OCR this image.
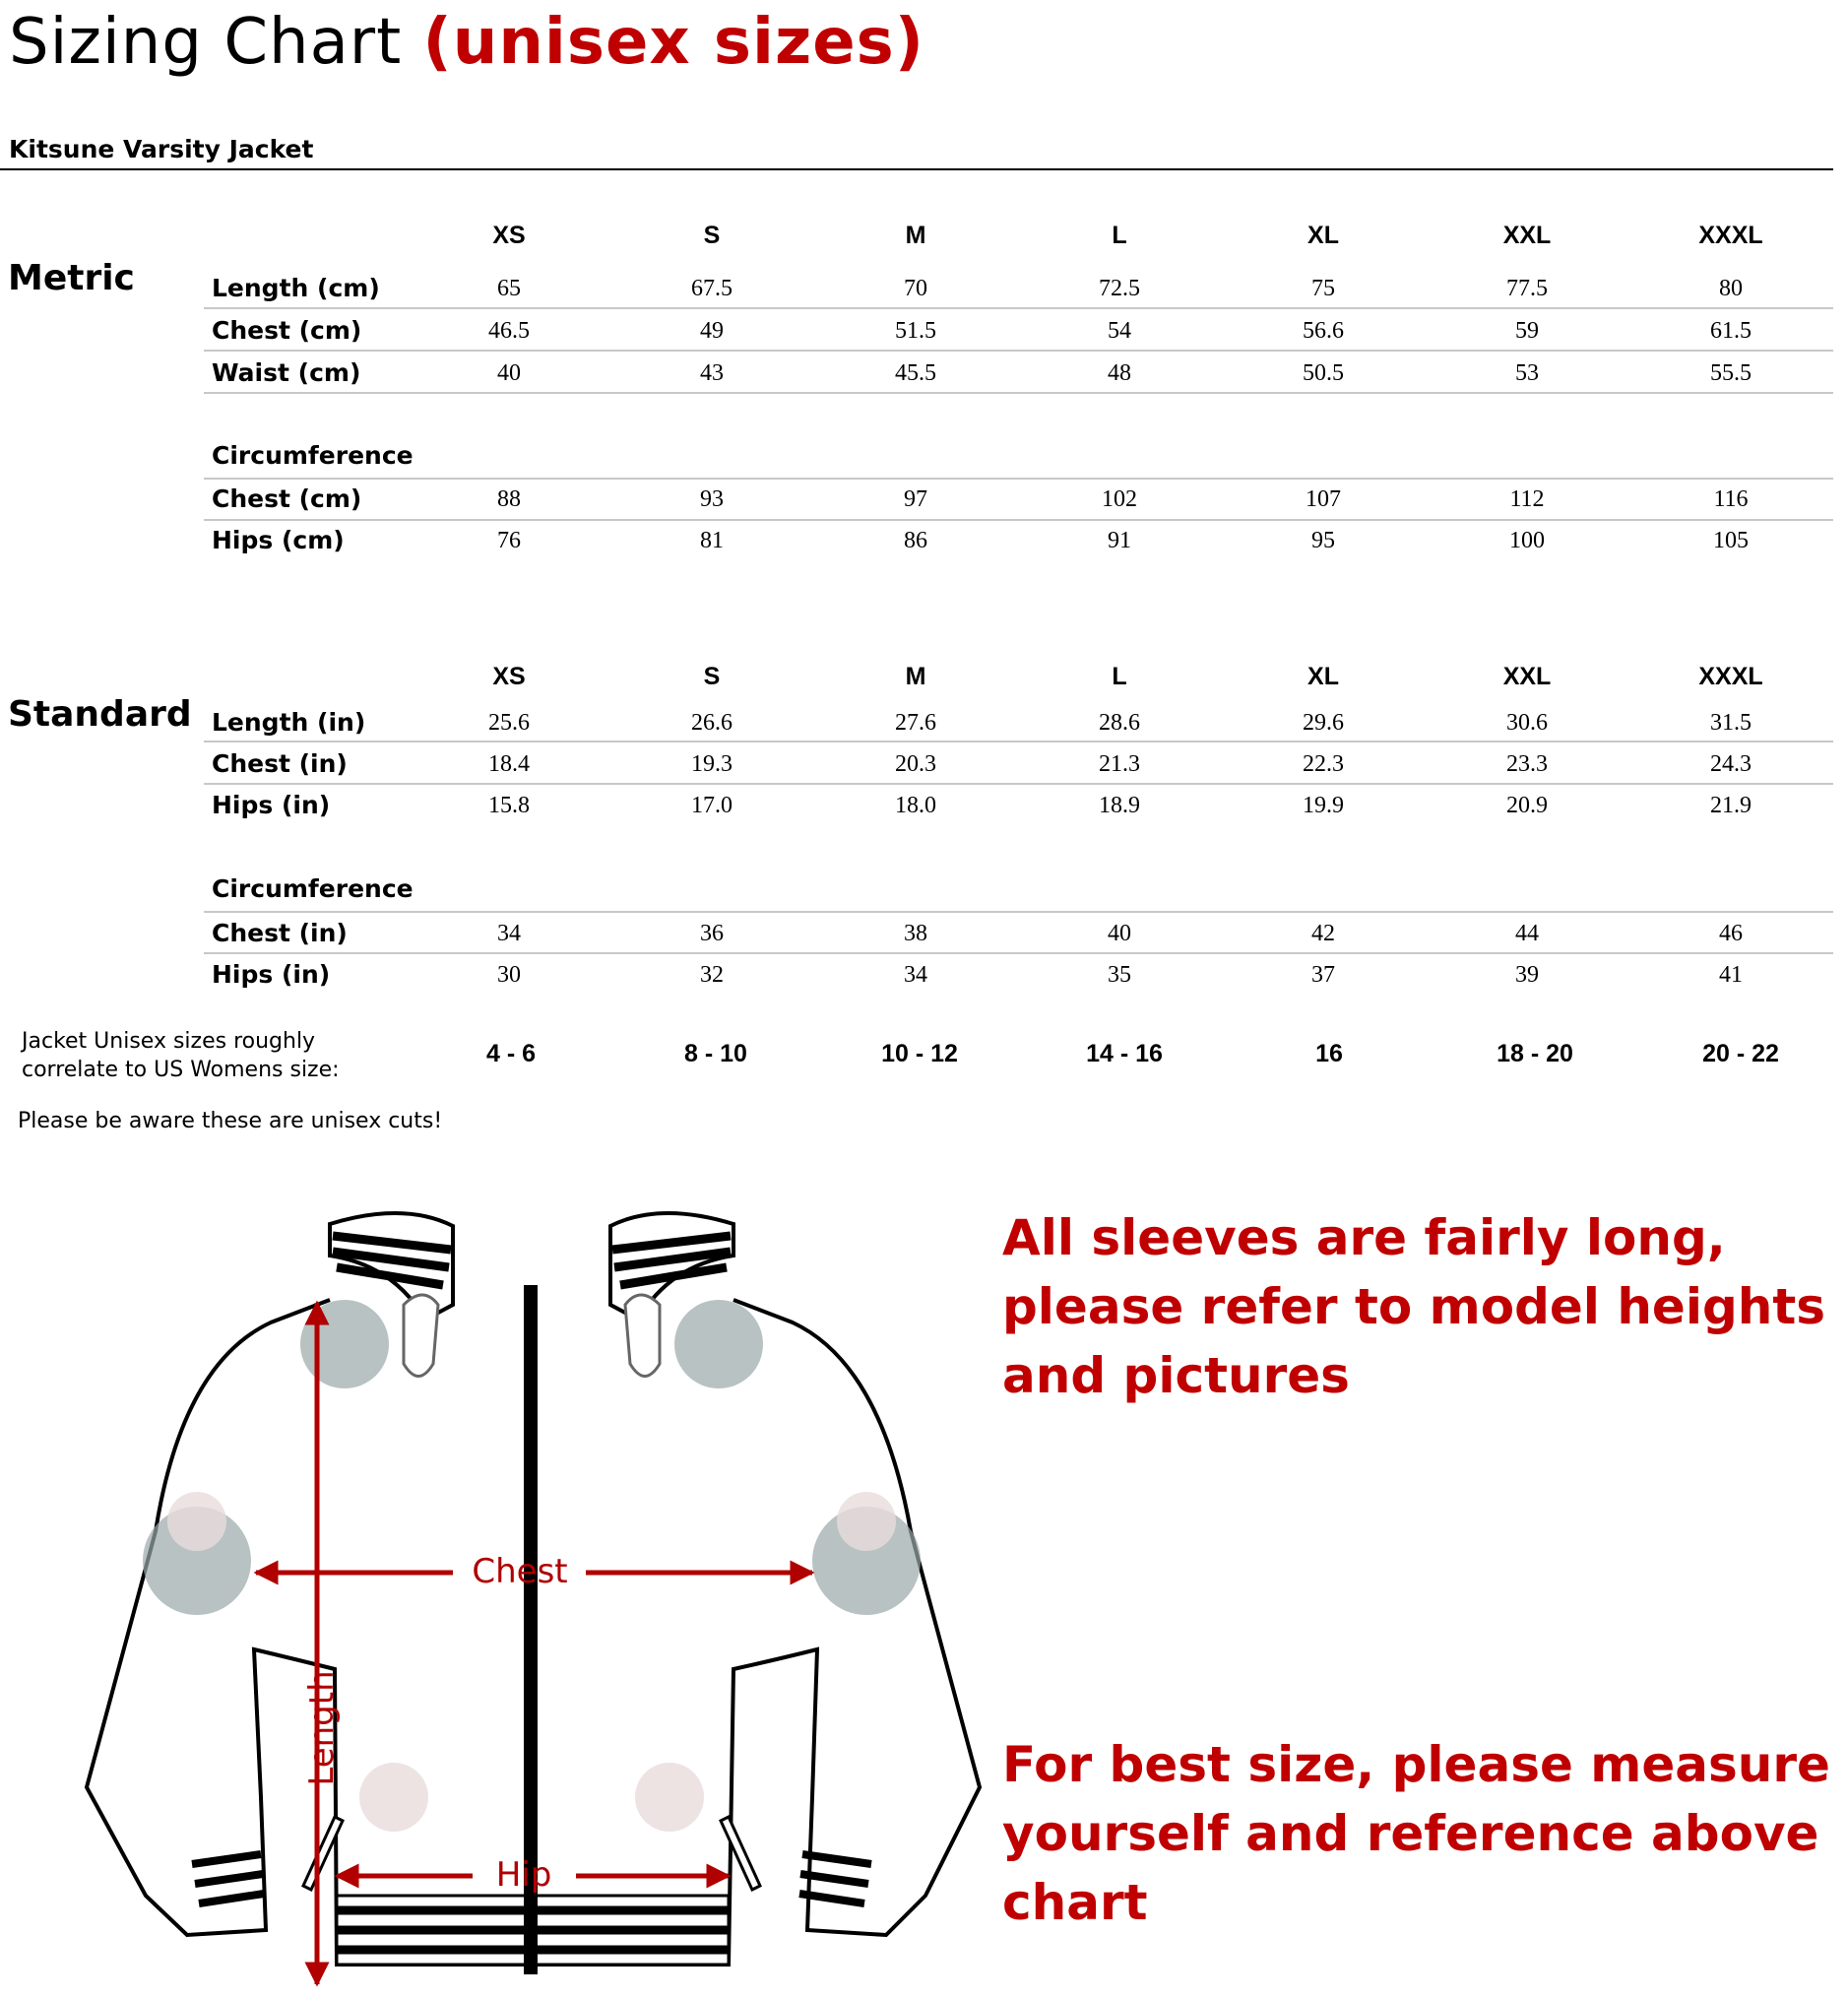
Sizing Chart (unisex sizes)
Kitsune Varsity Jacket
Metric
XS	S	M	L	XL	XXL	XXXL
Length (cm)	65	67.5	70	72.5	75	77.5	80
Chest (cm)	46.5	49	51.5	54	56.6	59	61.5
Waist (cm)	40	43	45.5	48	50.5	53	55.5
Circumference
Chest (cm)	88	93	97	102	107	112	116
Hips (cm)	76	81	86	91	95	100	105
Standard
XS	S	M	L	XL	XXL	XXXL
Length (in)	25.6	26.6	27.6	28.6	29.6	30.6	31.5
Chest (in)	18.4	19.3	20.3	21.3	22.3	23.3	24.3
Hips (in)	15.8	17.0	18.0	18.9	19.9	20.9	21.9
Circumference
Chest (in)	34	36	38	40	42	44	46
Hips (in)	30	32	34	35	37	39	41
Jacket Unisex sizes roughly
correlate to US Womens size:
4 - 6	8 - 10	10 - 12	14 - 16	16	18 - 20	20 - 22
Please be aware these are unisex cuts!
Chest
Hip
Length
All sleeves are fairly long, please refer to model heights and pictures
For best size, please measure yourself and reference above chart
